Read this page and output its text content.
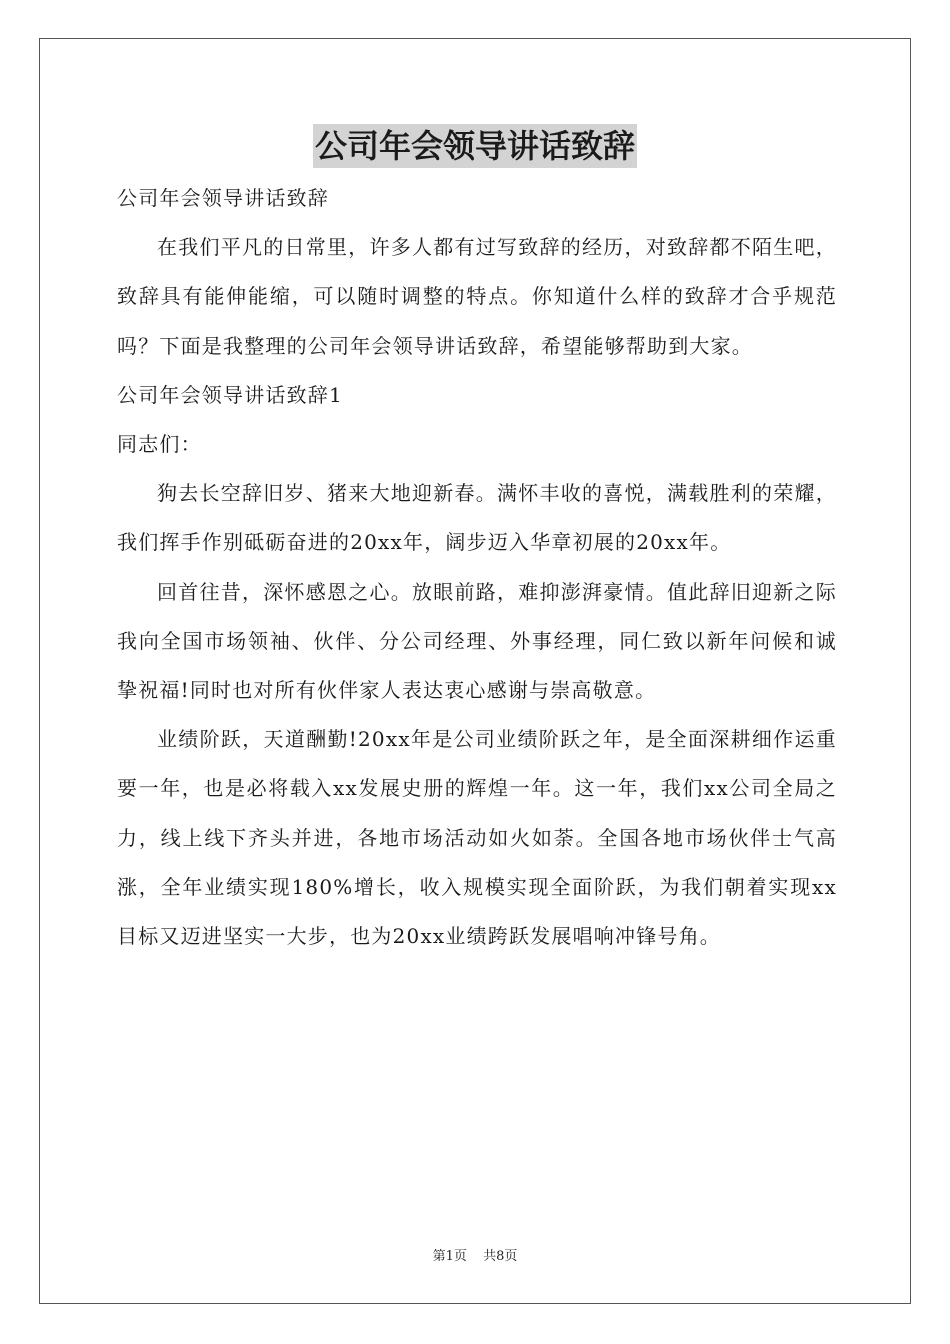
公司年会领导讲话致辞

公司年会领导讲话致辞

在我们平凡的日常里，许多人都有过写致辞的经历，对致辞都不陌生吧，致辞具有能伸能缩，可以随时调整的特点。你知道什么样的致辞才合乎规范吗？下面是我整理的公司年会领导讲话致辞，希望能够帮助到大家。

公司年会领导讲话致辞1

同志们：

狗去长空辞旧岁、猪来大地迎新春。满怀丰收的喜悦，满载胜利的荣耀，我们挥手作别砥砺奋进的20xx年，阔步迈入华章初展的20xx年。

回首往昔，深怀感恩之心。放眼前路，难抑澎湃豪情。值此辞旧迎新之际我向全国市场领袖、伙伴、分公司经理、外事经理，同仁致以新年问候和诚挚祝福!同时也对所有伙伴家人表达衷心感谢与崇高敬意。

业绩阶跃，天道酬勤!20xx年是公司业绩阶跃之年，是全面深耕细作运重要一年，也是必将载入xx发展史册的辉煌一年。这一年，我们xx公司全局之力，线上线下齐头并进，各地市场活动如火如荼。全国各地市场伙伴士气高涨，全年业绩实现180%增长，收入规模实现全面阶跃，为我们朝着实现xx目标又迈进坚实一大步，也为20xx业绩跨跃发展唱响冲锋号角。

第1页 共8页
